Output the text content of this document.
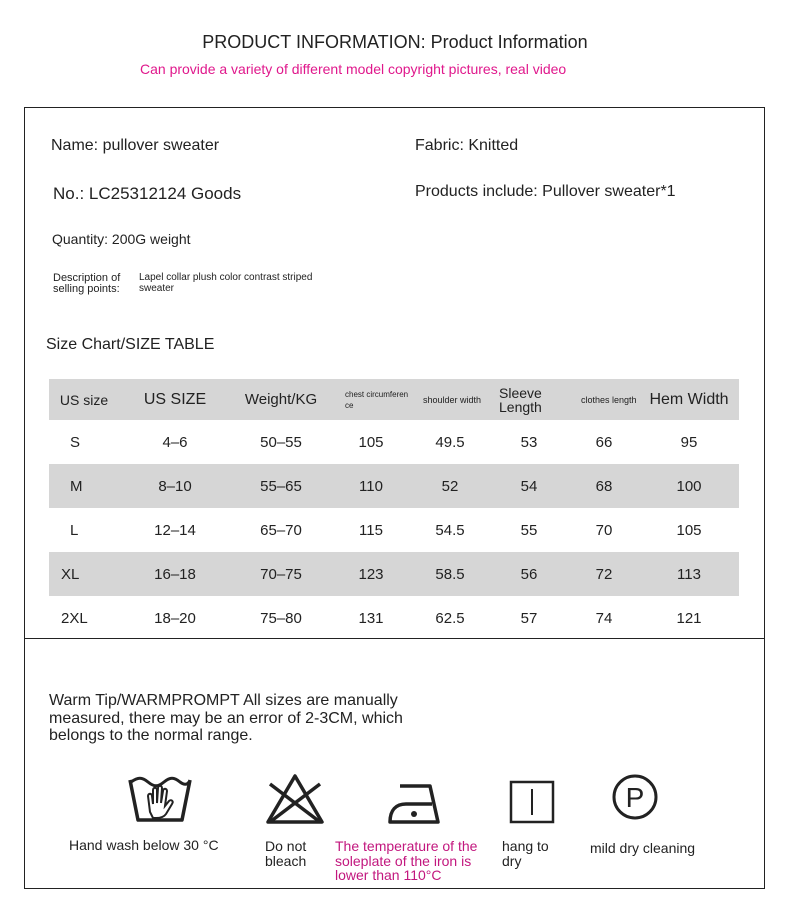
PRODUCT INFORMATION: Product Information
Can provide a variety of different model copyright pictures, real video
Name: pullover sweater	Fabric: Knitted
No.: LC25312124 Goods	Products include: Pullover sweater*1
Quantity: 200G weight
Description of
selling points:
Lapel collar plush color contrast striped
sweater
Size Chart/SIZE TABLE
US size	US SIZE	Weight/KG	chest circumference	shoulder width	Sleeve Length	clothes length	Hem Width
S	4–6	50–55	105	49.5	53	66	95
M	8–10	55–65	110	52	54	68	100
L	12–14	65–70	115	54.5	55	70	105
XL	16–18	70–75	123	58.5	56	72	113
2XL	18–20	75–80	131	62.5	57	74	121
Warm Tip/WARMPROMPT All sizes are manually measured, there may be an error of 2-3CM, which belongs to the normal range.
P
Hand wash below 30 °C	Do not bleach
The temperature of the soleplate of the iron is lower than 110°C
hang to dry
mild dry cleaning
